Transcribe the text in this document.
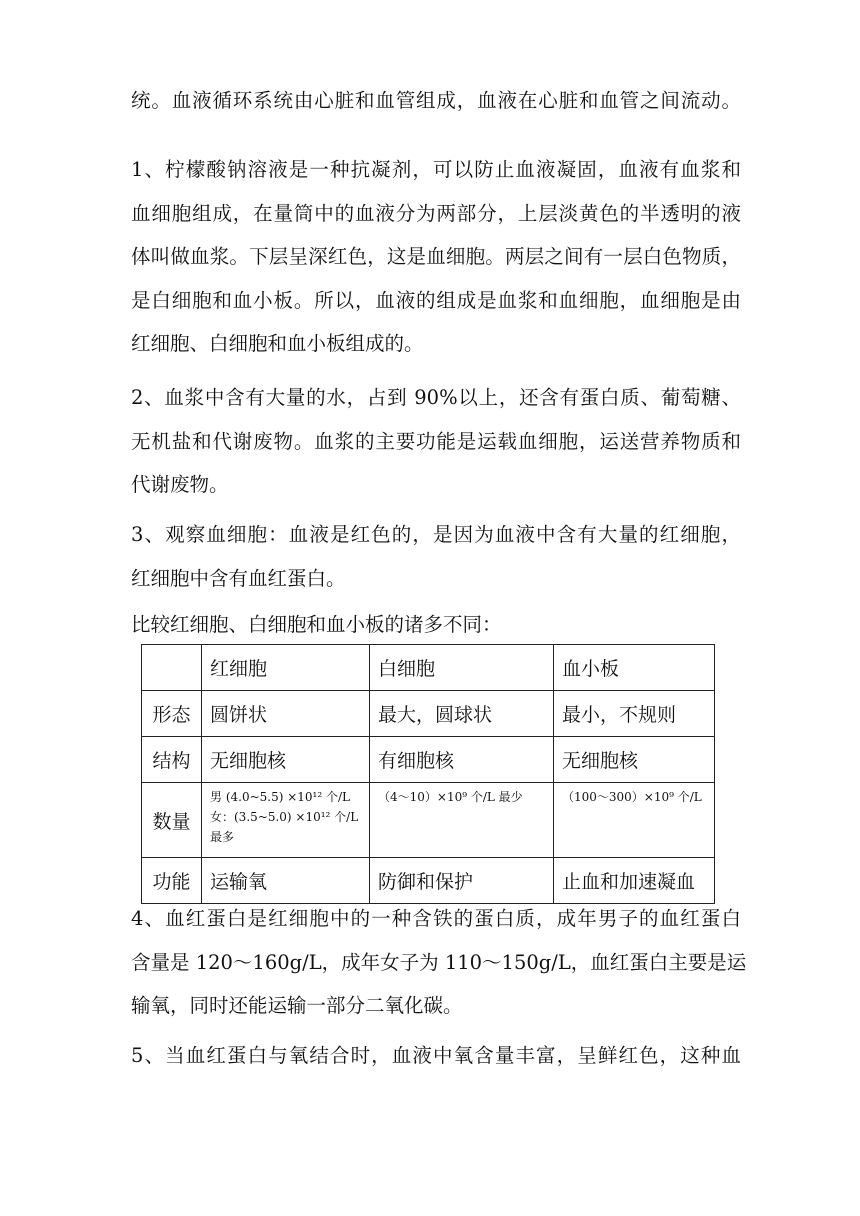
统。血液循环系统由心脏和血管组成，血液在心脏和血管之间流动。

1、柠檬酸钠溶液是一种抗凝剂，可以防止血液凝固，血液有血浆和
血细胞组成，在量筒中的血液分为两部分，上层淡黄色的半透明的液
体叫做血浆。下层呈深红色，这是血细胞。两层之间有一层白色物质，
是白细胞和血小板。所以，血液的组成是血浆和血细胞，血细胞是由
红细胞、白细胞和血小板组成的。

2、血浆中含有大量的水，占到 90%以上，还含有蛋白质、葡萄糖、
无机盐和代谢废物。血浆的主要功能是运载血细胞，运送营养物质和
代谢废物。

3、观察血细胞：血液是红色的，是因为血液中含有大量的红细胞，
红细胞中含有血红蛋白。

比较红细胞、白细胞和血小板的诸多不同：

	红细胞	白细胞	血小板
形态	圆饼状	最大，圆球状	最小，不规则
结构	无细胞核	有细胞核	无细胞核
数量	男 (4.0~5.5) ×10¹² 个/L 女：(3.5~5.0) ×10¹² 个/L 最多	（4～10）×10⁹ 个/L 最少	（100～300）×10⁹ 个/L
功能	运输氧	防御和保护	止血和加速凝血

4、血红蛋白是红细胞中的一种含铁的蛋白质，成年男子的血红蛋白
含量是 120～160g/L，成年女子为 110～150g/L，血红蛋白主要是运
输氧，同时还能运输一部分二氧化碳。

5、当血红蛋白与氧结合时，血液中氧含量丰富，呈鲜红色，这种血
